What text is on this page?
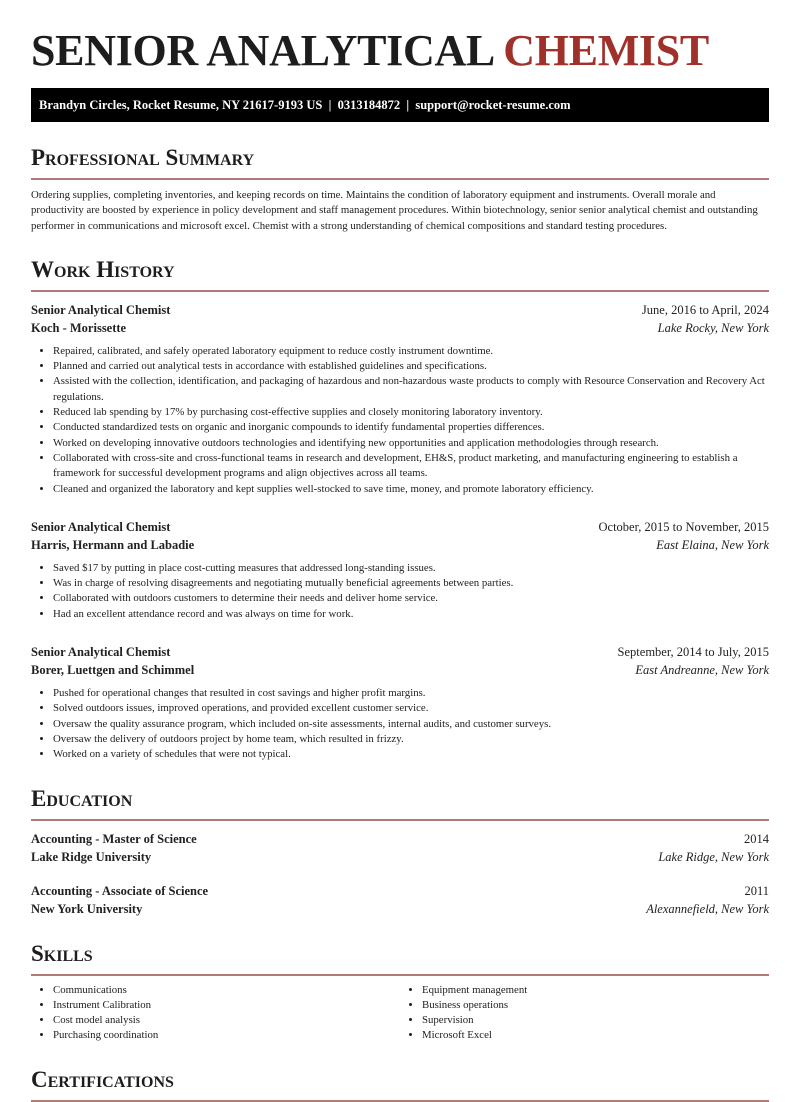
SENIOR ANALYTICAL CHEMIST
Brandyn Circles, Rocket Resume, NY 21617-9193 US  |  0313184872  |  support@rocket-resume.com
Professional Summary
Ordering supplies, completing inventories, and keeping records on time. Maintains the condition of laboratory equipment and instruments. Overall morale and productivity are boosted by experience in policy development and staff management procedures. Within biotechnology, senior senior analytical chemist and outstanding performer in communications and microsoft excel. Chemist with a strong understanding of chemical compositions and standard testing procedures.
Work History
Senior Analytical Chemist	June, 2016 to April, 2024
Koch - Morissette	Lake Rocky, New York
• Repaired, calibrated, and safely operated laboratory equipment to reduce costly instrument downtime.
• Planned and carried out analytical tests in accordance with established guidelines and specifications.
• Assisted with the collection, identification, and packaging of hazardous and non-hazardous waste products to comply with Resource Conservation and Recovery Act regulations.
• Reduced lab spending by 17% by purchasing cost-effective supplies and closely monitoring laboratory inventory.
• Conducted standardized tests on organic and inorganic compounds to identify fundamental properties differences.
• Worked on developing innovative outdoors technologies and identifying new opportunities and application methodologies through research.
• Collaborated with cross-site and cross-functional teams in research and development, EH&S, product marketing, and manufacturing engineering to establish a framework for successful development programs and align objectives across all teams.
• Cleaned and organized the laboratory and kept supplies well-stocked to save time, money, and promote laboratory efficiency.
Senior Analytical Chemist	October, 2015 to November, 2015
Harris, Hermann and Labadie	East Elaina, New York
• Saved $17 by putting in place cost-cutting measures that addressed long-standing issues.
• Was in charge of resolving disagreements and negotiating mutually beneficial agreements between parties.
• Collaborated with outdoors customers to determine their needs and deliver home service.
• Had an excellent attendance record and was always on time for work.
Senior Analytical Chemist	September, 2014 to July, 2015
Borer, Luettgen and Schimmel	East Andreanne, New York
• Pushed for operational changes that resulted in cost savings and higher profit margins.
• Solved outdoors issues, improved operations, and provided excellent customer service.
• Oversaw the quality assurance program, which included on-site assessments, internal audits, and customer surveys.
• Oversaw the delivery of outdoors project by home team, which resulted in frizzy.
• Worked on a variety of schedules that were not typical.
Education
Accounting - Master of Science	2014
Lake Ridge University	Lake Ridge, New York
Accounting - Associate of Science	2011
New York University	Alexannefield, New York
Skills
• Communications
• Instrument Calibration
• Cost model analysis
• Purchasing coordination
• Equipment management
• Business operations
• Supervision
• Microsoft Excel
Certifications
